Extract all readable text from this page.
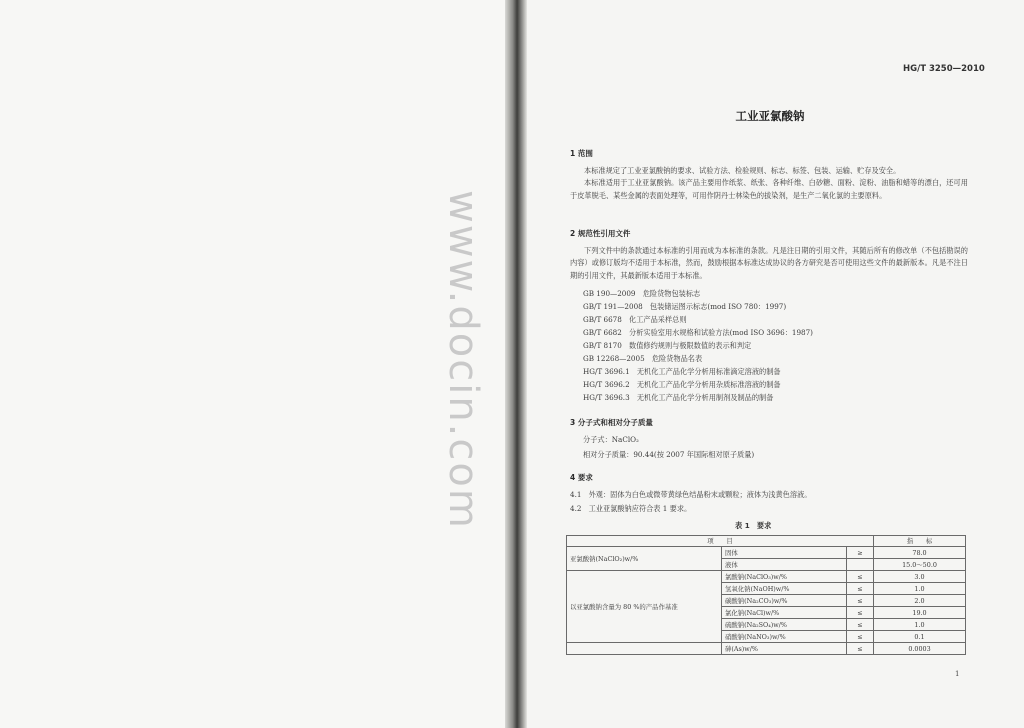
www.docin.com
HG/T 3250—2010
工业亚氯酸钠
1 范围

本标准规定了工业亚氯酸钠的要求、试验方法、检验规则、标志、标签、包装、运输、贮存及安全。

本标准适用于工业亚氯酸钠。该产品主要用作纸浆、纸张、各种纤维、白砂糖、面粉、淀粉、油脂和蜡等的漂白，还可用于皮革脱毛、某些金属的表面处理等，可用作阴丹士林染色的拔染剂，是生产二氧化氯的主要原料。

2 规范性引用文件

下列文件中的条款通过本标准的引用而成为本标准的条款。凡是注日期的引用文件，其随后所有的修改单（不包括勘误的内容）或修订版均不适用于本标准，然而，鼓励根据本标准达成协议的各方研究是否可使用这些文件的最新版本。凡是不注日期的引用文件，其最新版本适用于本标准。

GB 190—2009　危险货物包装标志
GB/T 191—2008　包装储运图示标志(mod ISO 780：1997)
GB/T 6678　化工产品采样总则
GB/T 6682　分析实验室用水规格和试验方法(mod ISO 3696：1987)
GB/T 8170　数值修约规则与极限数值的表示和判定
GB 12268—2005　危险货物品名表
HG/T 3696.1　无机化工产品化学分析用标准滴定溶液的制备
HG/T 3696.2　无机化工产品化学分析用杂质标准溶液的制备
HG/T 3696.3　无机化工产品化学分析用制剂及制品的制备
3 分子式和相对分子质量
分子式：NaClO₂
相对分子质量：90.44(按 2007 年国际相对原子质量)
4 要求
4.1　外观：固体为白色或微带黄绿色结晶粉末或颗粒；液体为浅黄色溶液。
4.2　工业亚氯酸钠应符合表 1 要求。
表 1　要求
项　　目			指　　标
亚氯酸钠(NaClO₂)w/%	固体	≥	78.0
	液体		15.0～50.0
以亚氯酸钠含量为 80 %的产品作基准	氯酸钠(NaClO₃)w/%	≤	3.0
	氢氧化钠(NaOH)w/%	≤	1.0
	碳酸钠(Na₂CO₃)w/%	≤	2.0
	氯化钠(NaCl)w/%	≤	19.0
	硫酸钠(Na₂SO₄)w/%	≤	1.0
	硝酸钠(NaNO₃)w/%	≤	0.1
	砷(As)w/%	≤	0.0003
1
